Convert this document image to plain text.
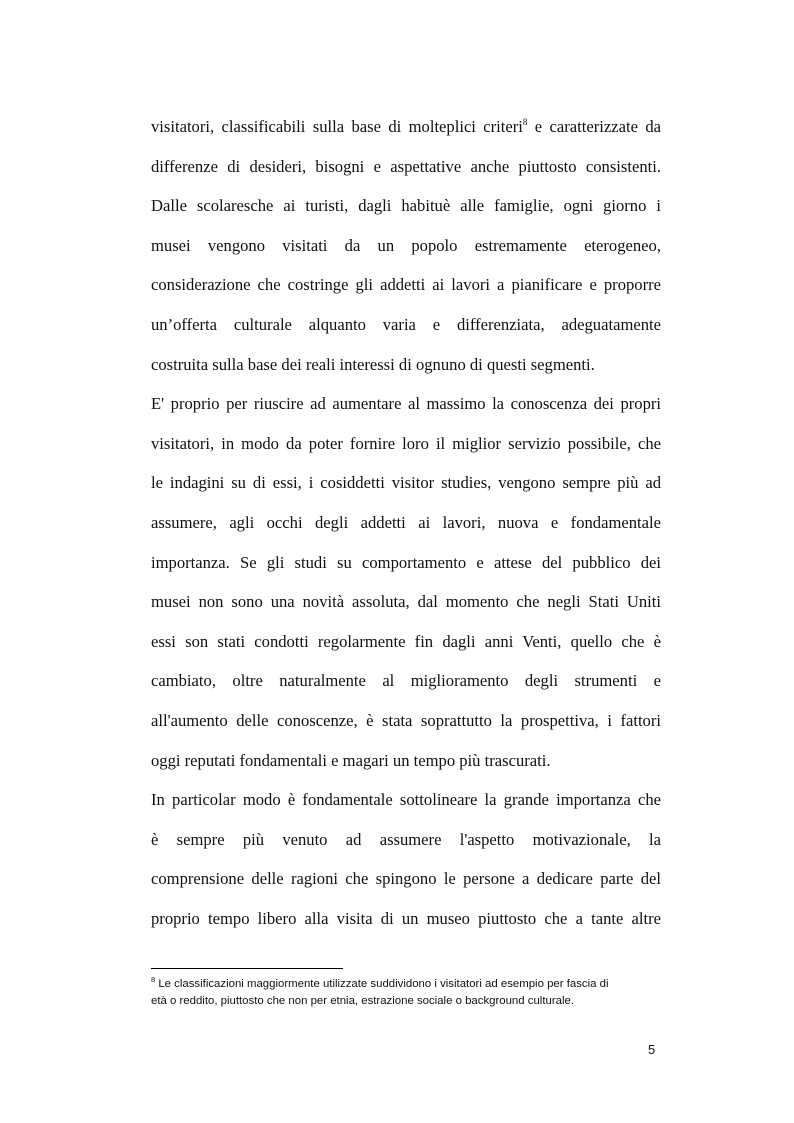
visitatori, classificabili sulla base di molteplici criteri$^8$ e caratterizzate da
differenze di desideri, bisogni e aspettative anche piuttosto consistenti.
Dalle scolaresche ai turisti, dagli habituè alle famiglie, ogni giorno i
musei vengono visitati da un popolo estremamente eterogeneo,
considerazione che costringe gli addetti ai lavori a pianificare e proporre
un’offerta culturale alquanto varia e differenziata, adeguatamente
costruita sulla base dei reali interessi di ognuno di questi segmenti.
E' proprio per riuscire ad aumentare al massimo la conoscenza dei propri
visitatori, in modo da poter fornire loro il miglior servizio possibile, che
le indagini su di essi, i cosiddetti visitor studies, vengono sempre più ad
assumere, agli occhi degli addetti ai lavori, nuova e fondamentale
importanza. Se gli studi su comportamento e attese del pubblico dei
musei non sono una novità assoluta, dal momento che negli Stati Uniti
essi son stati condotti regolarmente fin dagli anni Venti, quello che è
cambiato, oltre naturalmente al miglioramento degli strumenti e
all'aumento delle conoscenze, è stata soprattutto la prospettiva, i fattori
oggi reputati fondamentali e magari un tempo più trascurati.
In particolar modo è fondamentale sottolineare la grande importanza che
è sempre più venuto ad assumere l'aspetto motivazionale, la
comprensione delle ragioni che spingono le persone a dedicare parte del
proprio tempo libero alla visita di un museo piuttosto che a tante altre
$^8$ Le classificazioni maggiormente utilizzate suddividono i visitatori ad esempio per fascia di
età o reddito, piuttosto che non per etnia, estrazione sociale o background culturale.
5
